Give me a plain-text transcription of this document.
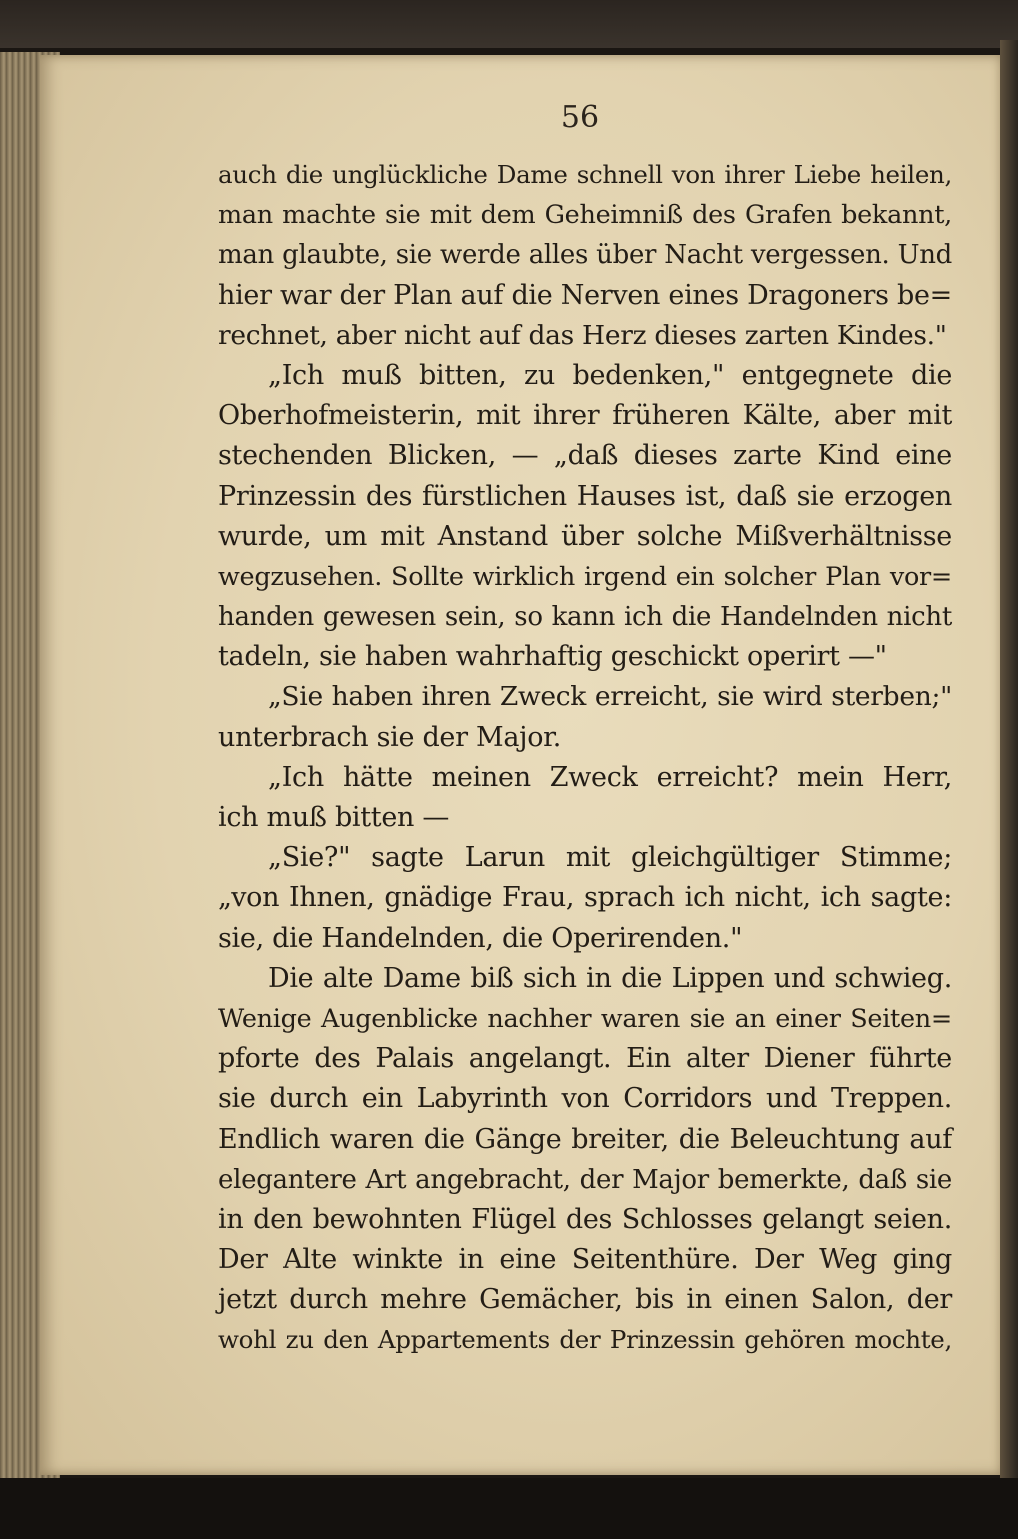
56
auch die unglückliche Dame schnell von ihrer Liebe heilen,
man machte sie mit dem Geheimniß des Grafen bekannt,
man glaubte, sie werde alles über Nacht vergessen. Und
hier war der Plan auf die Nerven eines Dragoners be=
rechnet, aber nicht auf das Herz dieses zarten Kindes."
„Ich muß bitten, zu bedenken," entgegnete die
Oberhofmeisterin, mit ihrer früheren Kälte, aber mit
stechenden Blicken, — „daß dieses zarte Kind eine
Prinzessin des fürstlichen Hauses ist, daß sie erzogen
wurde, um mit Anstand über solche Mißverhältnisse
wegzusehen. Sollte wirklich irgend ein solcher Plan vor=
handen gewesen sein, so kann ich die Handelnden nicht
tadeln, sie haben wahrhaftig geschickt operirt —"
„Sie haben ihren Zweck erreicht, sie wird sterben;"
unterbrach sie der Major.
„Ich hätte meinen Zweck erreicht? mein Herr,
ich muß bitten —
„Sie?" sagte Larun mit gleichgültiger Stimme;
„von Ihnen, gnädige Frau, sprach ich nicht, ich sagte:
sie, die Handelnden, die Operirenden."
Die alte Dame biß sich in die Lippen und schwieg.
Wenige Augenblicke nachher waren sie an einer Seiten=
pforte des Palais angelangt. Ein alter Diener führte
sie durch ein Labyrinth von Corridors und Treppen.
Endlich waren die Gänge breiter, die Beleuchtung auf
elegantere Art angebracht, der Major bemerkte, daß sie
in den bewohnten Flügel des Schlosses gelangt seien.
Der Alte winkte in eine Seitenthüre. Der Weg ging
jetzt durch mehre Gemächer, bis in einen Salon, der
wohl zu den Appartements der Prinzessin gehören mochte,
